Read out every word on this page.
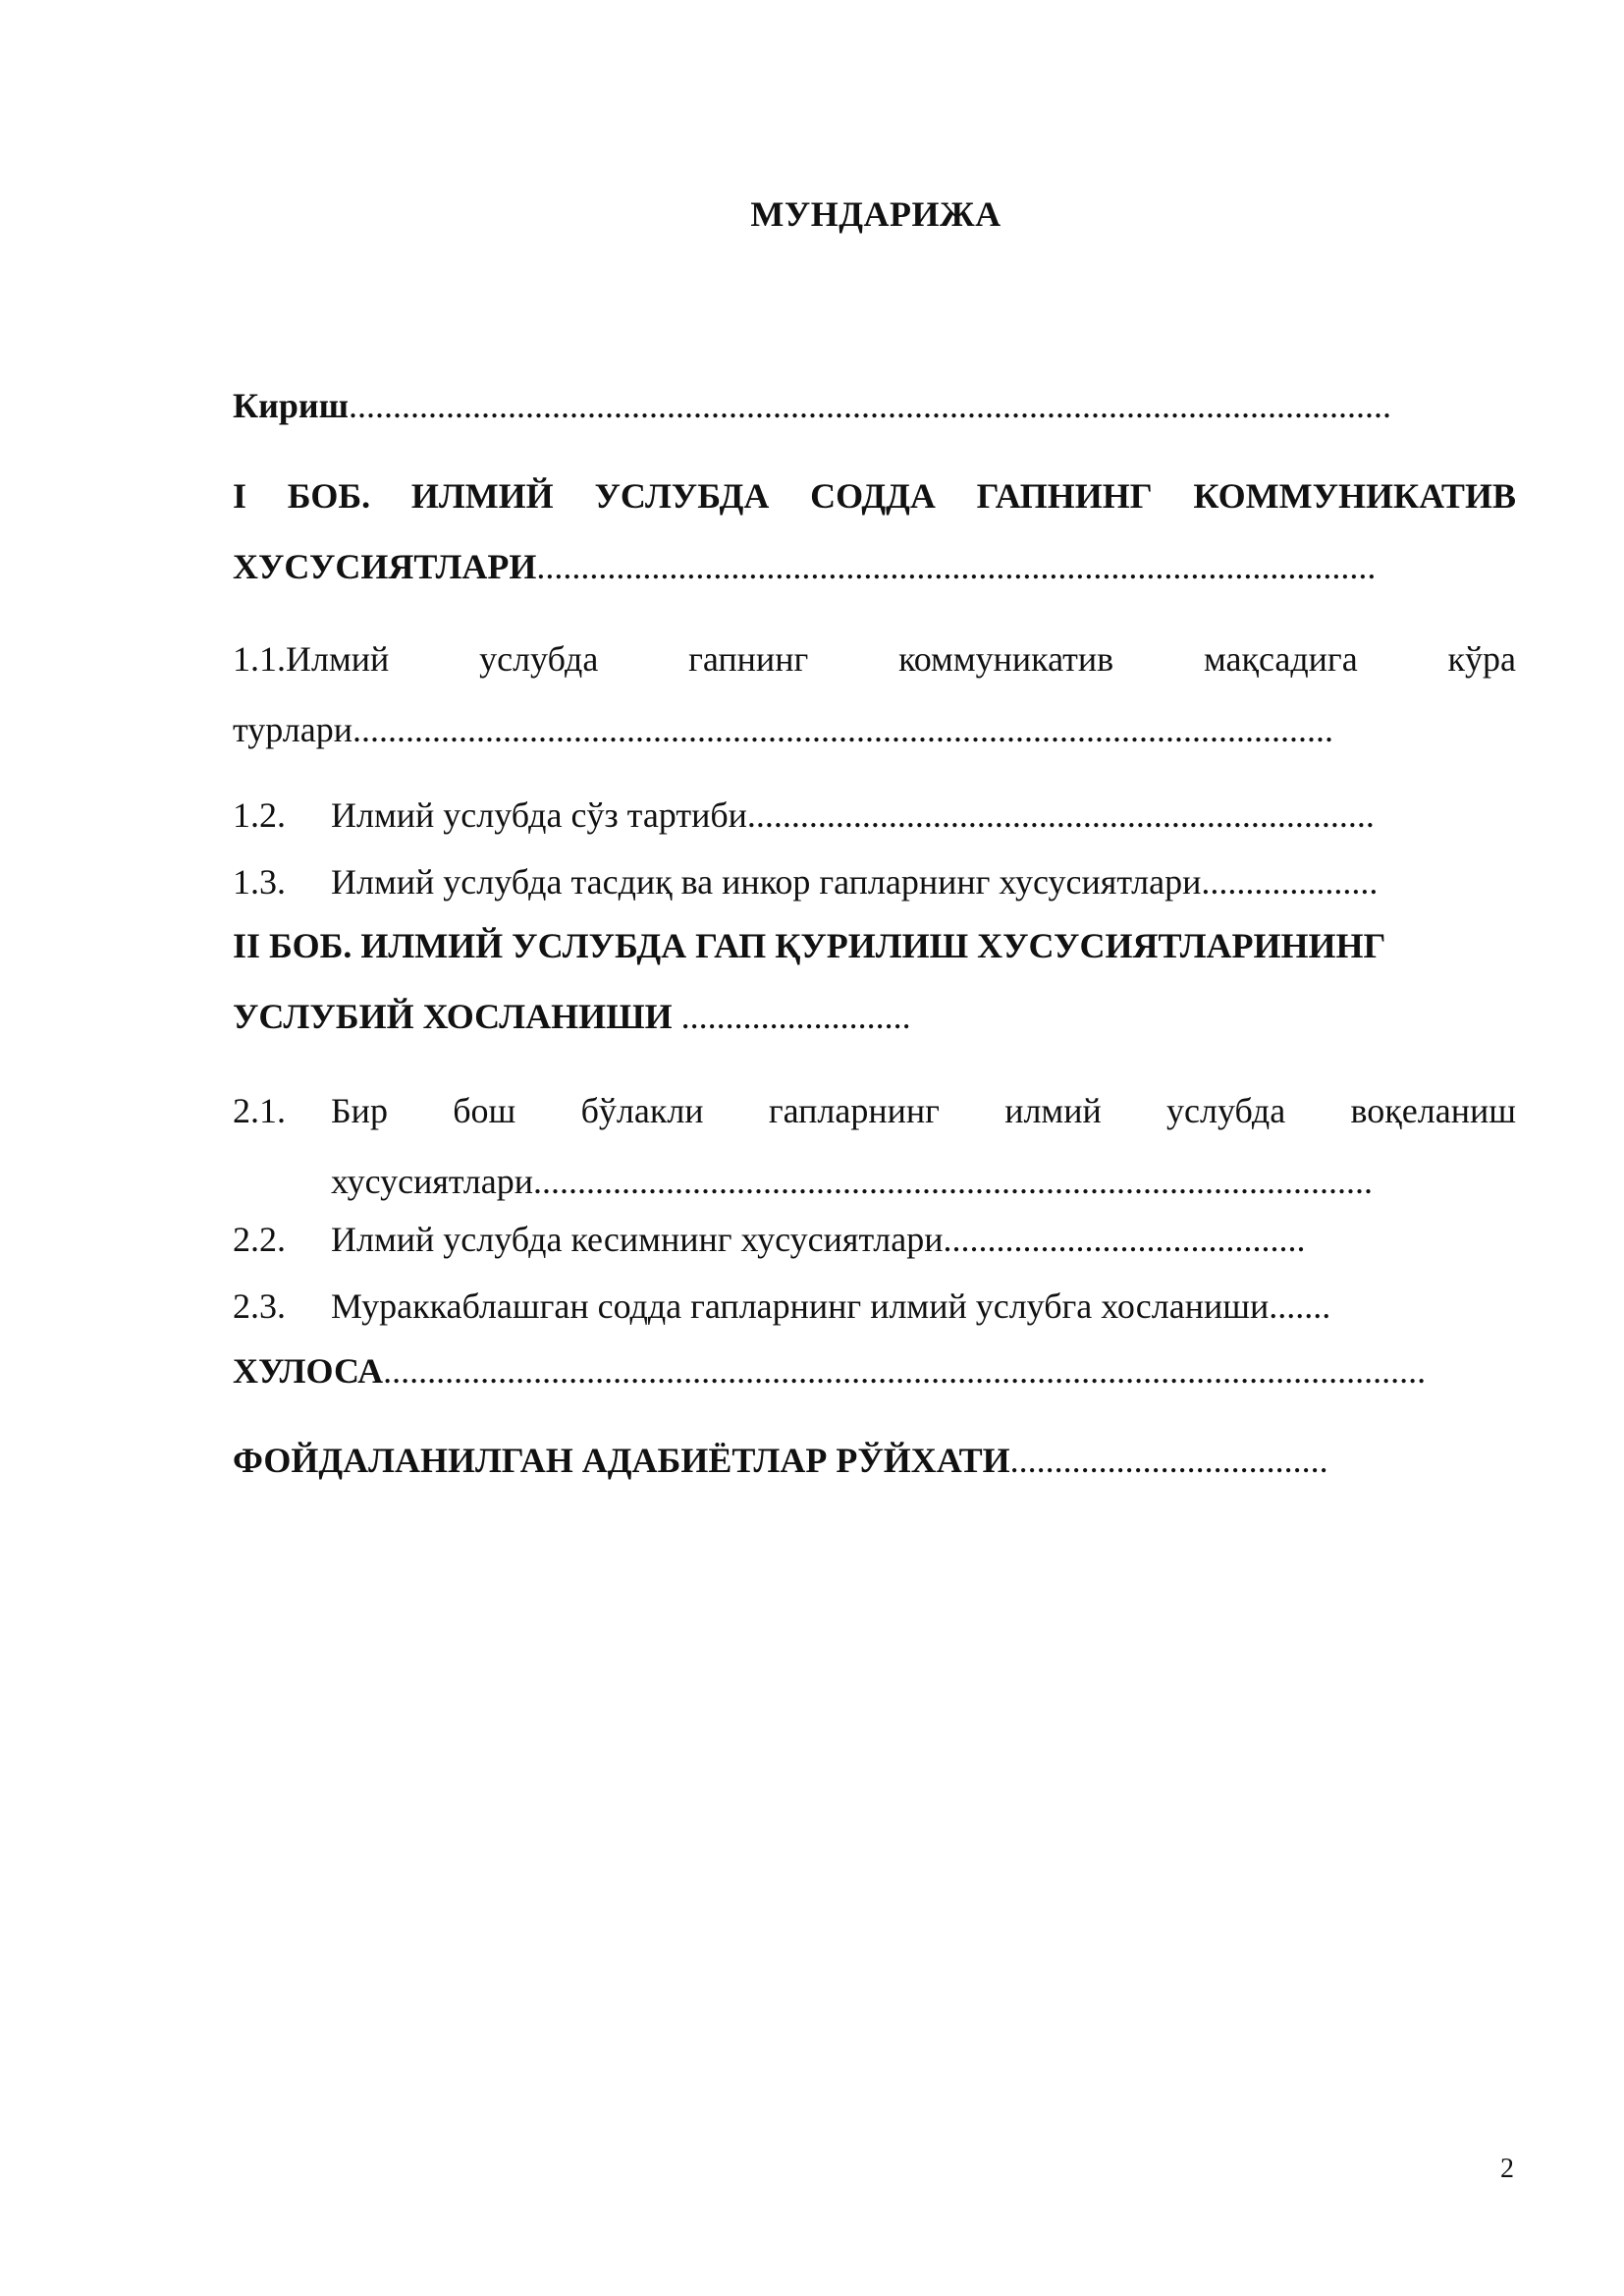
МУНДАРИЖА
Кириш......................................................................................................................
I БОБ. ИЛМИЙ УСЛУБДА СОДДА ГАПНИНГ КОММУНИКАТИВ
ХУСУСИЯТЛАРИ...............................................................................................
1.1.Илмий	услубда	гапнинг	коммуникатив	мақсадига	кўра
турлари...............................................................................................................
1.2. Илмий услубда сўз тартиби.......................................................................
1.3. Илмий услубда тасдиқ ва инкор гапларнинг хусусиятлари....................
II БОБ. ИЛМИЙ УСЛУБДА ГАП ҚУРИЛИШ ХУСУСИЯТЛАРИНИНГ
УСЛУБИЙ ХОСЛАНИШИ ..........................
2.1.	Бир бош бўлакли гапларнинг илмий услубда воқеланиш
хусусиятлари...............................................................................................
2.2. Илмий услубда кесимнинг хусусиятлари.........................................
2.3. Мураккаблашган содда гапларнинг илмий услубга хосланиши.......
ХУЛОСА......................................................................................................................
ФОЙДАЛАНИЛГАН АДАБИЁТЛАР РЎЙХАТИ....................................
2
